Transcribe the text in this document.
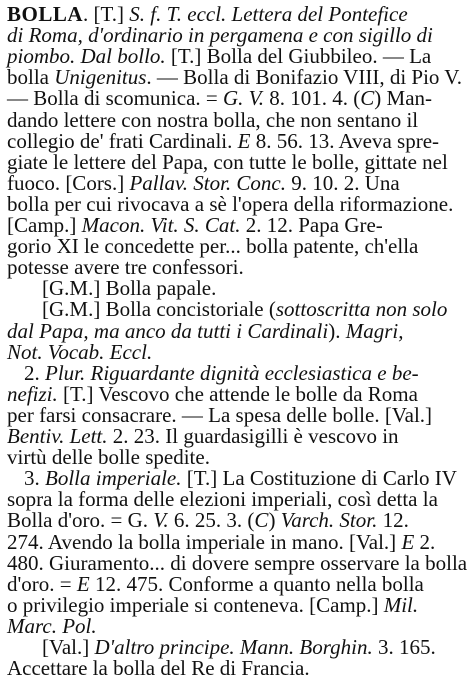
BOLLA. [T.] S. f. T. eccl. Lettera del Pontefice
di Roma, d'ordinario in pergamena e con sigillo di
piombo. Dal bollo. [T.] Bolla del Giubbileo. — La
bolla Unigenitus. — Bolla di Bonifazio VIII, di Pio V.
— Bolla di scomunica. = G. V. 8. 101. 4. (C) Man-
dando lettere con nostra bolla, che non sentano il
collegio de' frati Cardinali. E 8. 56. 13. Aveva spre-
giate le lettere del Papa, con tutte le bolle, gittate nel
fuoco. [Cors.] Pallav. Stor. Conc. 9. 10. 2. Una
bolla per cui rivocava a sè l'opera della riformazione.
[Camp.] Macon. Vit. S. Cat. 2. 12. Papa Gre-
gorio XI le concedette per... bolla patente, ch'ella
potesse avere tre confessori.
[G.M.] Bolla papale.
[G.M.] Bolla concistoriale (sottoscritta non solo
dal Papa, ma anco da tutti i Cardinali). Magri,
Not. Vocab. Eccl.
2. Plur. Riguardante dignità ecclesiastica e be-
nefizi. [T.] Vescovo che attende le bolle da Roma
per farsi consacrare. — La spesa delle bolle. [Val.]
Bentiv. Lett. 2. 23. Il guardasigilli è vescovo in
virtù delle bolle spedite.
3. Bolla imperiale. [T.] La Costituzione di Carlo IV
sopra la forma delle elezioni imperiali, così detta la
Bolla d'oro. = G. V. 6. 25. 3. (C) Varch. Stor. 12.
274. Avendo la bolla imperiale in mano. [Val.] E 2.
480. Giuramento... di dovere sempre osservare la bolla
d'oro. = E 12. 475. Conforme a quanto nella bolla
o privilegio imperiale si conteneva. [Camp.] Mil.
Marc. Pol.
[Val.] D'altro principe. Mann. Borghin. 3. 165.
Accettare la bolla del Re di Francia.
